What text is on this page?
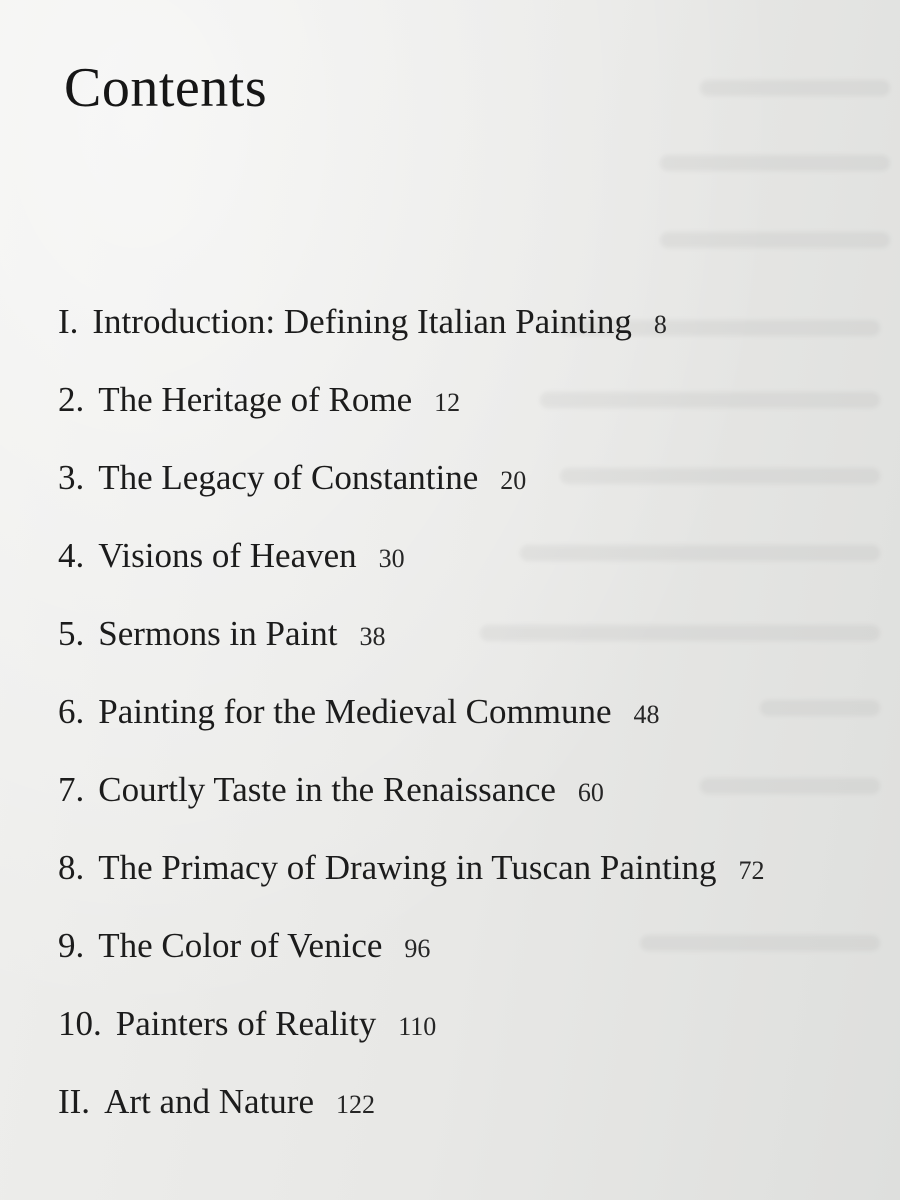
Contents
I. Introduction: Defining Italian Painting 8
2. The Heritage of Rome 12
3. The Legacy of Constantine 20
4. Visions of Heaven 30
5. Sermons in Paint 38
6. Painting for the Medieval Commune 48
7. Courtly Taste in the Renaissance 60
8. The Primacy of Drawing in Tuscan Painting 72
9. The Color of Venice 96
10. Painters of Reality 110
II. Art and Nature 122
